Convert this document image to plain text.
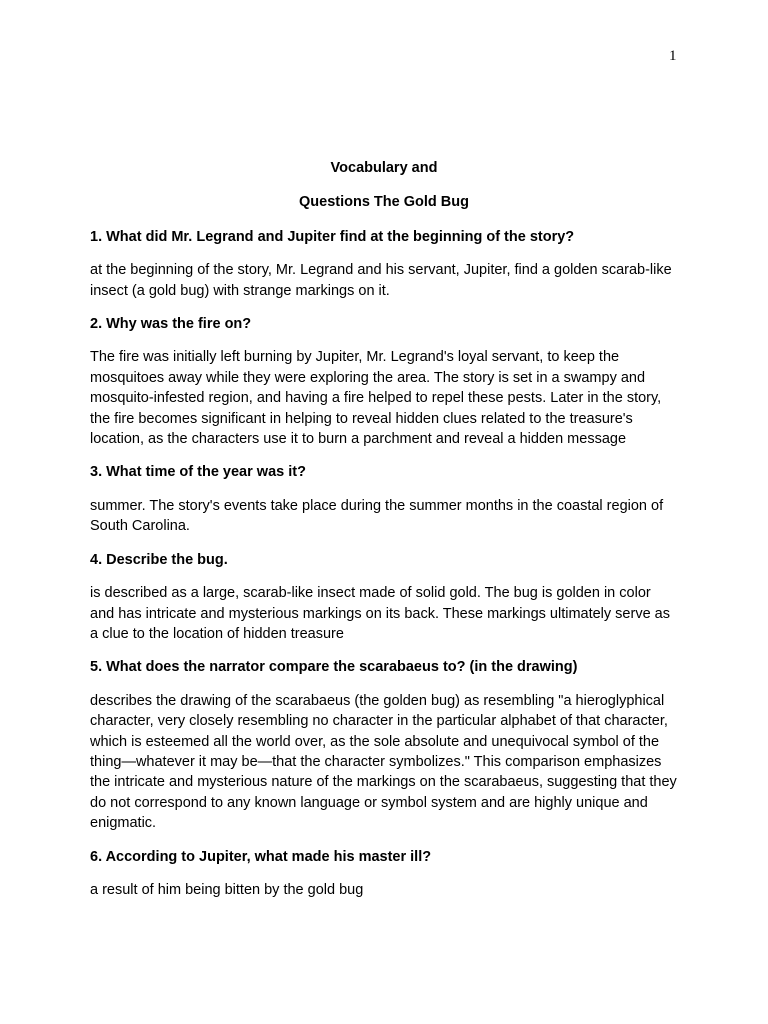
1

Vocabulary and

Questions The Gold Bug

1. What did Mr. Legrand and Jupiter find at the beginning of the story?

at the beginning of the story, Mr. Legrand and his servant, Jupiter, find a golden scarab-like insect (a gold bug) with strange markings on it.

2. Why was the fire on?

The fire was initially left burning by Jupiter, Mr. Legrand's loyal servant, to keep the mosquitoes away while they were exploring the area. The story is set in a swampy and mosquito-infested region, and having a fire helped to repel these pests. Later in the story, the fire becomes significant in helping to reveal hidden clues related to the treasure's location, as the characters use it to burn a parchment and reveal a hidden message

3. What time of the year was it?

summer. The story's events take place during the summer months in the coastal region of South Carolina.

4. Describe the bug.

is described as a large, scarab-like insect made of solid gold. The bug is golden in color and has intricate and mysterious markings on its back. These markings ultimately serve as a clue to the location of hidden treasure

5. What does the narrator compare the scarabaeus to? (in the drawing)

describes the drawing of the scarabaeus (the golden bug) as resembling "a hieroglyphical character, very closely resembling no character in the particular alphabet of that character, which is esteemed all the world over, as the sole absolute and unequivocal symbol of the thing—whatever it may be—that the character symbolizes." This comparison emphasizes the intricate and mysterious nature of the markings on the scarabaeus, suggesting that they do not correspond to any known language or symbol system and are highly unique and enigmatic.

6. According to Jupiter, what made his master ill?

a result of him being bitten by the gold bug
